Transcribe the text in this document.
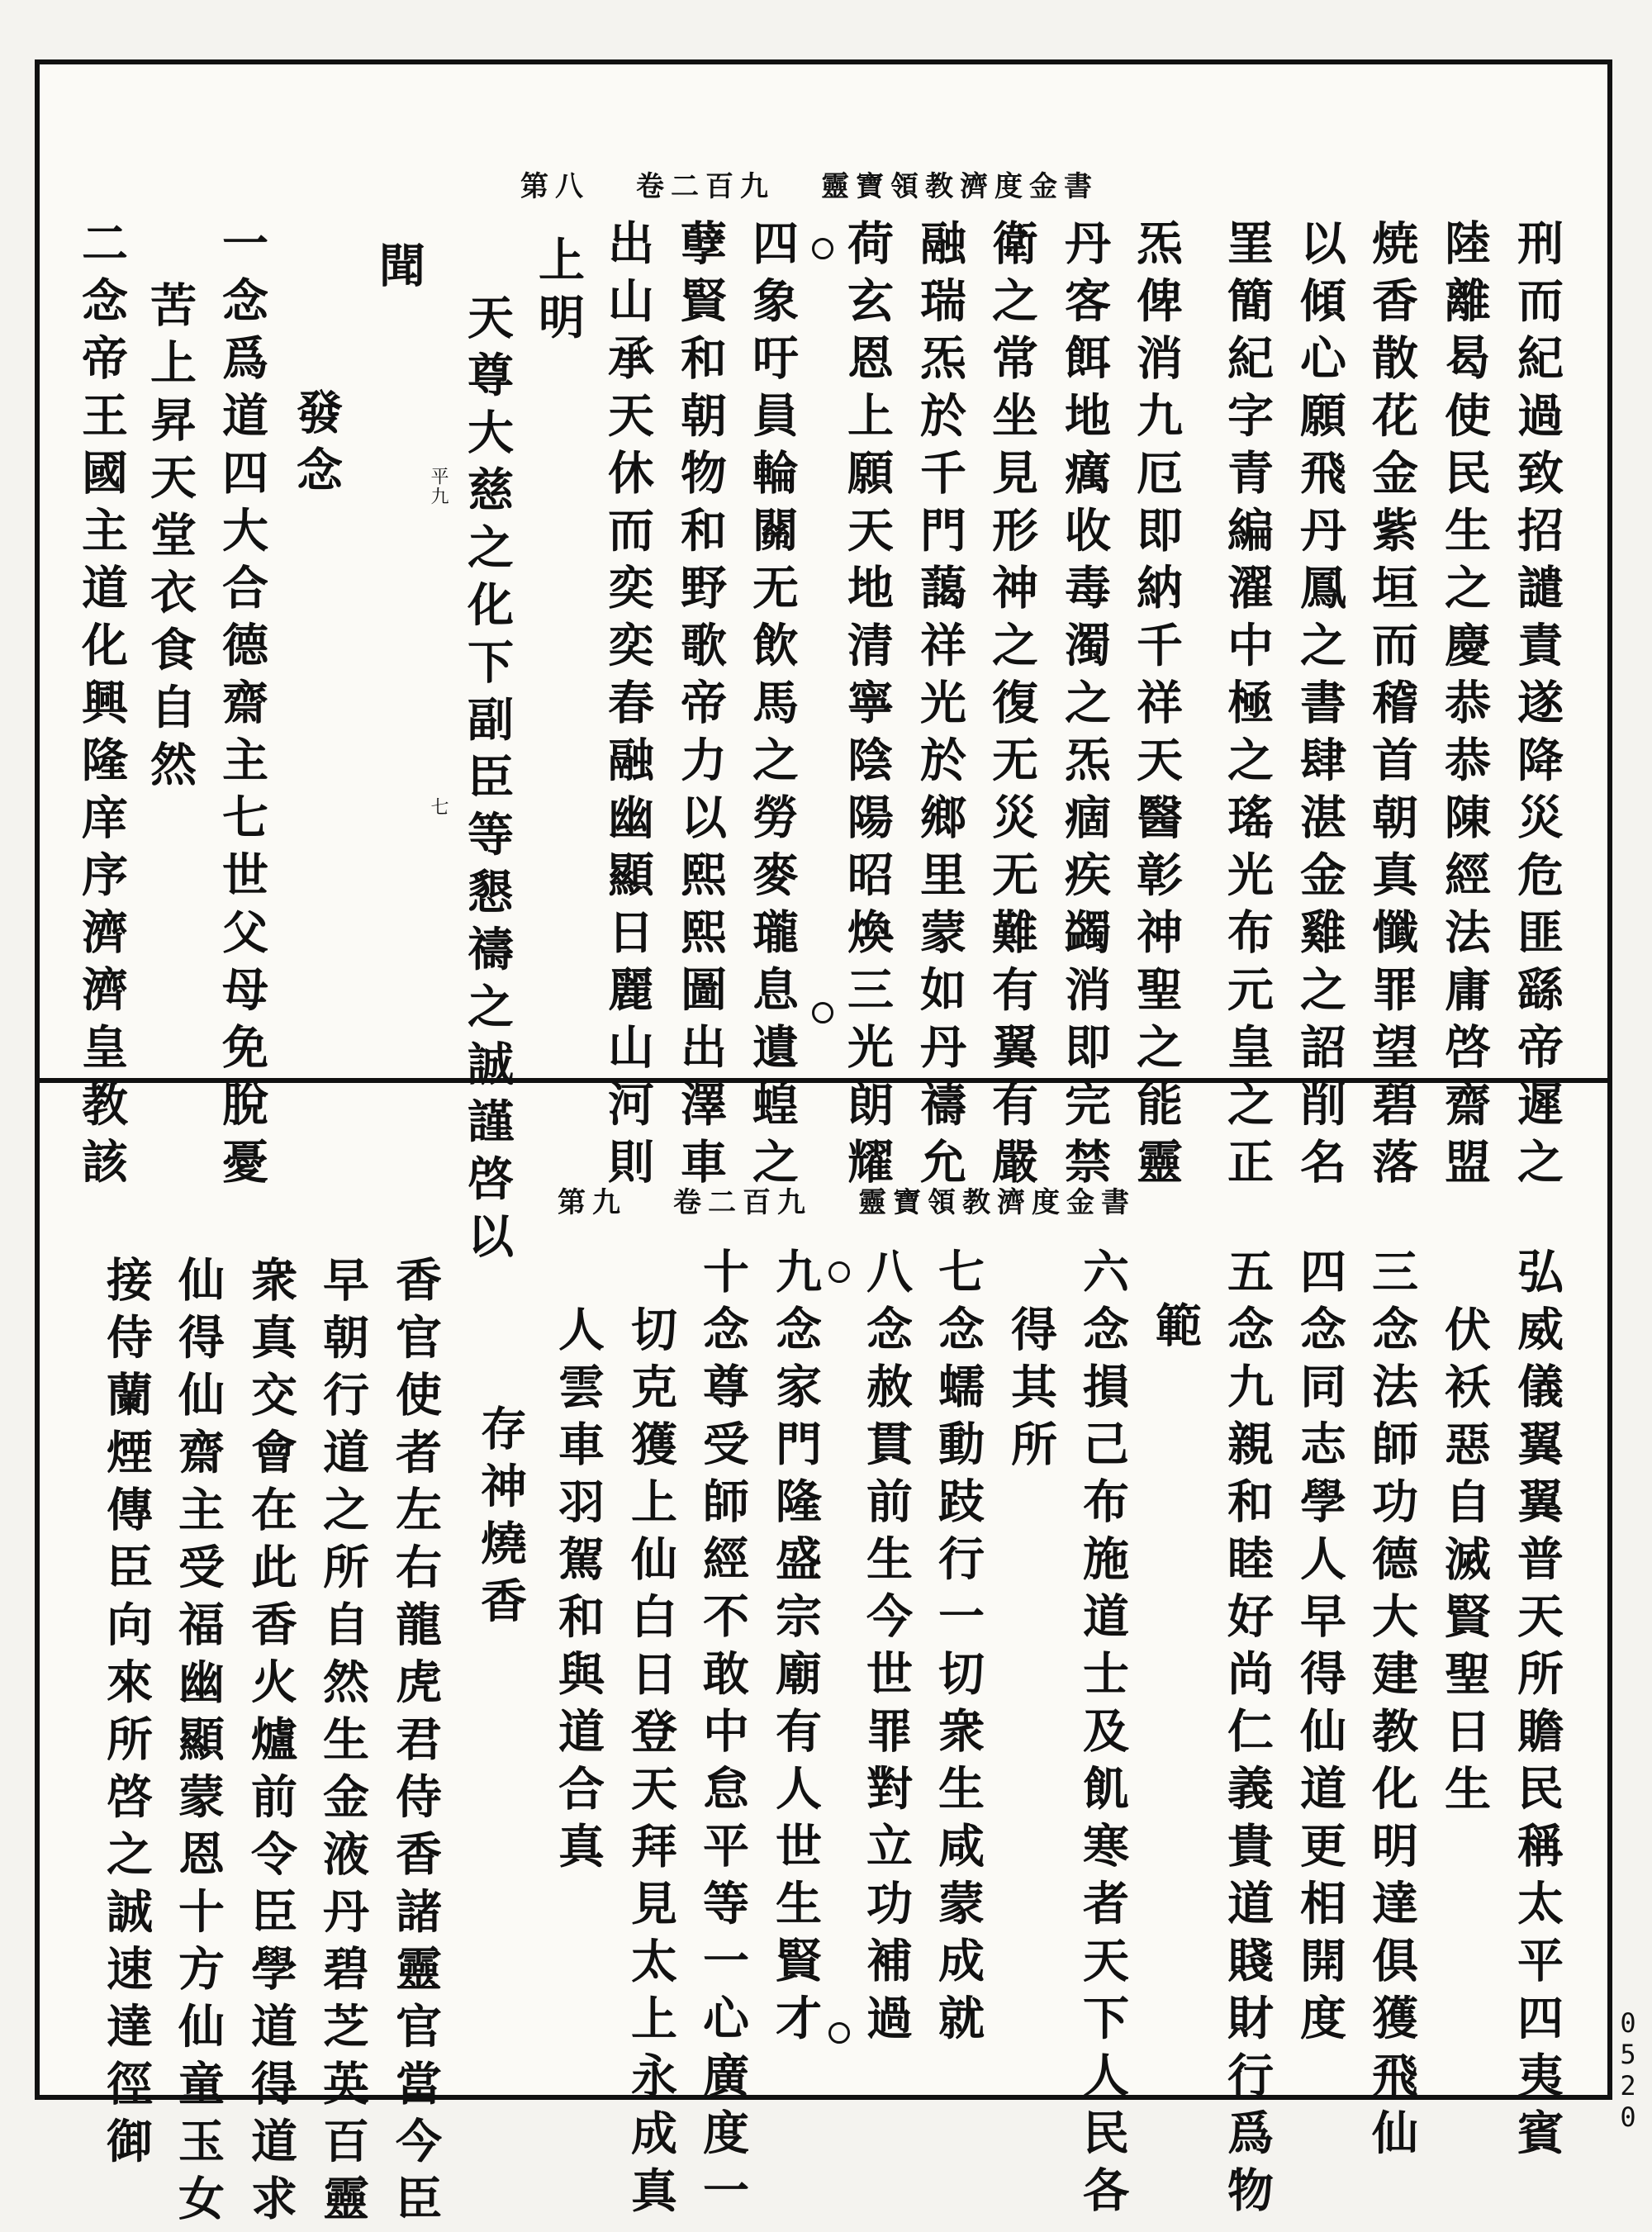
第八 卷二百九 靈寶領教濟度金書
刑而紀過致招譴責遂降災危匪繇帝遲之
陸離曷使民生之慶恭恭陳經法庸啓齋盟
焼香散花金紫垣而稽首朝真懺罪望碧落
以傾心願飛丹鳳之書肆湛金雞之詔削名
罣簡紀字青編濯中極之瑤光布元皇之正
炁俾消九厄即納千祥天醫彰神聖之能靈
丹客餌地癘收毒濁之炁痼疾蠲消即完禁
衛之常坐見形神之復无災无難有翼有嚴
融瑞炁於千門藹祥光於鄉里蒙如丹禱允
荷玄恩上願天地清寧陰陽昭煥三光朗耀
四象吁員輪關无飲馬之勞麥瓏息遺蝗之
孽賢和朝物和野歌帝力以熙熙圖出澤車
出山承天休而奕奕春融幽顯日麗山河則
上明
天尊大慈之化下副臣等懇禱之誠謹啓以
聞
發念
一念爲道四大合德齋主七世父母免脫憂
苦上昇天堂衣食自然
二念帝王國主道化興隆庠序濟濟皇教該	平九
七
第九 卷二百九 靈寶領教濟度金書
弘威儀翼翼普天所贍民稱太平四夷賓
伏袄惡自滅賢聖日生
三念法師功德大建教化明達俱獲飛仙
四念同志學人早得仙道更相開度
五念九親和睦好尚仁義貴道賤財行爲物
範
六念損己布施道士及飢寒者天下人民各
得其所
七念蠕動跂行一切衆生咸蒙成就
八念赦貫前生今世罪對立功補過
九念家門隆盛宗廟有人世生賢才
十念尊受師經不敢中怠平等一心廣度一
切克獲上仙白日登天拜見太上永成真
人雲車羽駕和與道合真
存神燒香
香官使者左右龍虎君侍香諸靈官當今臣
早朝行道之所自然生金液丹碧芝英百靈
衆真交會在此香火爐前令臣學道得道求
仙得仙齋主受福幽顯蒙恩十方仙童玉女
接侍蘭煙傳臣向來所啓之誠速達徑御	0520
